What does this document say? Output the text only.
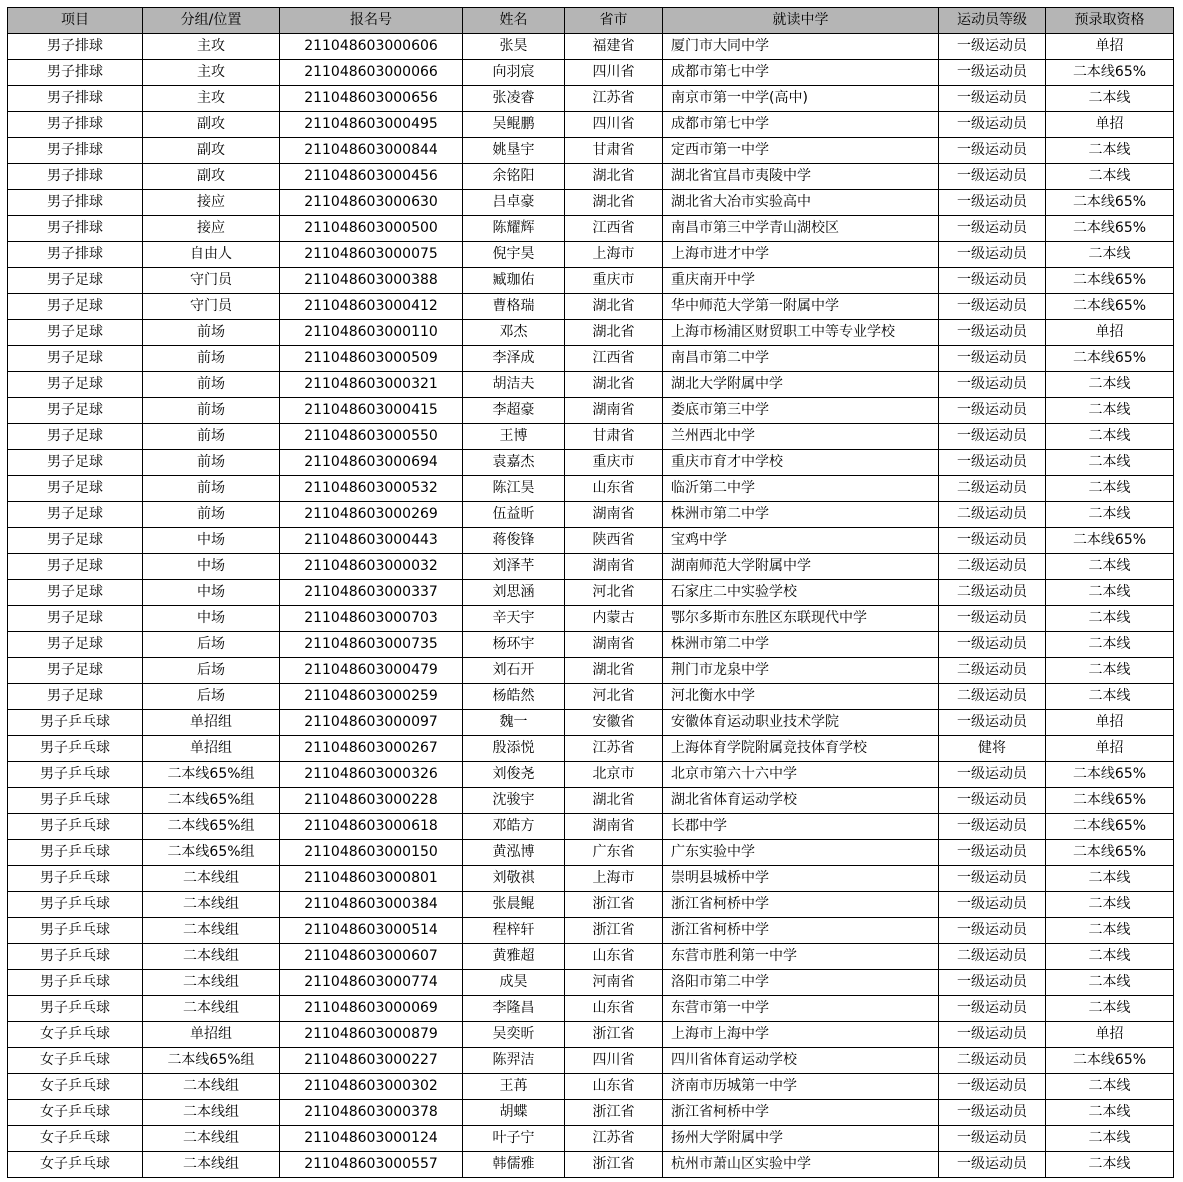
项目	分组/位置	报名号	姓名	省市	就读中学	运动员等级	预录取资格
男子排球	主攻	211048603000606	张昊	福建省	厦门市大同中学	一级运动员	单招
男子排球	主攻	211048603000066	向羽宸	四川省	成都市第七中学	一级运动员	二本线65%
男子排球	主攻	211048603000656	张凌睿	江苏省	南京市第一中学(高中)	一级运动员	二本线
男子排球	副攻	211048603000495	吴鲲鹏	四川省	成都市第七中学	一级运动员	单招
男子排球	副攻	211048603000844	姚垦宇	甘肃省	定西市第一中学	一级运动员	二本线
男子排球	副攻	211048603000456	余铭阳	湖北省	湖北省宜昌市夷陵中学	一级运动员	二本线
男子排球	接应	211048603000630	吕卓豪	湖北省	湖北省大冶市实验高中	一级运动员	二本线65%
男子排球	接应	211048603000500	陈耀辉	江西省	南昌市第三中学青山湖校区	一级运动员	二本线65%
男子排球	自由人	211048603000075	倪宇昊	上海市	上海市进才中学	一级运动员	二本线
男子足球	守门员	211048603000388	臧珈佑	重庆市	重庆南开中学	一级运动员	二本线65%
男子足球	守门员	211048603000412	曹格瑞	湖北省	华中师范大学第一附属中学	一级运动员	二本线65%
男子足球	前场	211048603000110	邓杰	湖北省	上海市杨浦区财贸职工中等专业学校	一级运动员	单招
男子足球	前场	211048603000509	李泽成	江西省	南昌市第二中学	一级运动员	二本线65%
男子足球	前场	211048603000321	胡洁夫	湖北省	湖北大学附属中学	一级运动员	二本线
男子足球	前场	211048603000415	李超豪	湖南省	娄底市第三中学	一级运动员	二本线
男子足球	前场	211048603000550	王博	甘肃省	兰州西北中学	一级运动员	二本线
男子足球	前场	211048603000694	袁嘉杰	重庆市	重庆市育才中学校	一级运动员	二本线
男子足球	前场	211048603000532	陈江昊	山东省	临沂第二中学	二级运动员	二本线
男子足球	前场	211048603000269	伍益昕	湖南省	株洲市第二中学	二级运动员	二本线
男子足球	中场	211048603000443	蒋俊锋	陕西省	宝鸡中学	一级运动员	二本线65%
男子足球	中场	211048603000032	刘泽芊	湖南省	湖南师范大学附属中学	二级运动员	二本线
男子足球	中场	211048603000337	刘思涵	河北省	石家庄二中实验学校	二级运动员	二本线
男子足球	中场	211048603000703	辛天宇	内蒙古	鄂尔多斯市东胜区东联现代中学	一级运动员	二本线
男子足球	后场	211048603000735	杨环宇	湖南省	株洲市第二中学	一级运动员	二本线
男子足球	后场	211048603000479	刘石开	湖北省	荆门市龙泉中学	二级运动员	二本线
男子足球	后场	211048603000259	杨皓然	河北省	河北衡水中学	二级运动员	二本线
男子乒乓球	单招组	211048603000097	魏一	安徽省	安徽体育运动职业技术学院	一级运动员	单招
男子乒乓球	单招组	211048603000267	殷添悦	江苏省	上海体育学院附属竞技体育学校	健将	单招
男子乒乓球	二本线65%组	211048603000326	刘俊尧	北京市	北京市第六十六中学	一级运动员	二本线65%
男子乒乓球	二本线65%组	211048603000228	沈骏宇	湖北省	湖北省体育运动学校	一级运动员	二本线65%
男子乒乓球	二本线65%组	211048603000618	邓皓方	湖南省	长郡中学	一级运动员	二本线65%
男子乒乓球	二本线65%组	211048603000150	黄泓博	广东省	广东实验中学	一级运动员	二本线65%
男子乒乓球	二本线组	211048603000801	刘敬祺	上海市	崇明县城桥中学	一级运动员	二本线
男子乒乓球	二本线组	211048603000384	张晨鲲	浙江省	浙江省柯桥中学	一级运动员	二本线
男子乒乓球	二本线组	211048603000514	程梓轩	浙江省	浙江省柯桥中学	一级运动员	二本线
男子乒乓球	二本线组	211048603000607	黄雅超	山东省	东营市胜利第一中学	二级运动员	二本线
男子乒乓球	二本线组	211048603000774	成昊	河南省	洛阳市第二中学	一级运动员	二本线
男子乒乓球	二本线组	211048603000069	李隆昌	山东省	东营市第一中学	一级运动员	二本线
女子乒乓球	单招组	211048603000879	吴奕昕	浙江省	上海市上海中学	一级运动员	单招
女子乒乓球	二本线65%组	211048603000227	陈羿洁	四川省	四川省体育运动学校	二级运动员	二本线65%
女子乒乓球	二本线组	211048603000302	王苒	山东省	济南市历城第一中学	一级运动员	二本线
女子乒乓球	二本线组	211048603000378	胡蝶	浙江省	浙江省柯桥中学	一级运动员	二本线
女子乒乓球	二本线组	211048603000124	叶子宁	江苏省	扬州大学附属中学	一级运动员	二本线
女子乒乓球	二本线组	211048603000557	韩儒雅	浙江省	杭州市萧山区实验中学	一级运动员	二本线
